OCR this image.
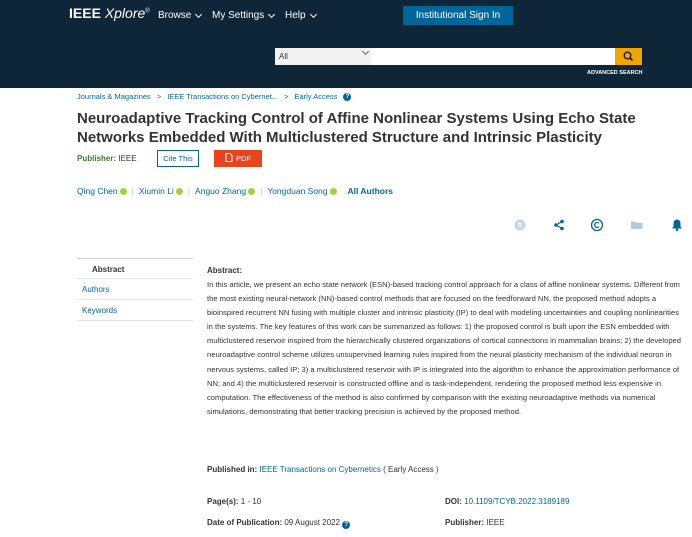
IEEE Xplore® Browse My Settings Help	Institutional Sign In
All
ADVANCED SEARCH
Journals & Magazines > IEEE Transactions on Cybernet... > Early Access	?
Neuroadaptive Tracking Control of Affine Nonlinear Systems Using Echo State Networks Embedded With Multiclustered Structure and Intrinsic Plasticity
Publisher: IEEE	Cite This	PDF
Qing Chen	| Xiumin Li	| Anguo Zhang	| Yongduan Song	All Authors
R
Abstract
Authors
Keywords
Abstract:
In this article, we present an echo state network (ESN)-based tracking control approach for a class of affine nonlinear systems. Different from the most existing neural-network (NN)-based control methods that are focused on the feedforward NN, the proposed method adopts a bioinspired recurrent NN fusing with multiple cluster and intrinsic plasticity (IP) to deal with modeling uncertainties and coupling nonlinearities in the systems. The key features of this work can be summarized as follows: 1) the proposed control is built upon the ESN embedded with multiclustered reservoir inspired from the hierarchically clustered organizations of cortical connections in mammalian brains; 2) the developed neuroadaptive control scheme utilizes unsupervised learning rules inspired from the neural plasticity mechanism of the individual neuron in nervous systems, called IP; 3) a multiclustered reservoir with IP is integrated into the algorithm to enhance the approximation performance of NN; and 4) the multiclustered reservoir is constructed offline and is task-independent, rendering the proposed method less expensive in computation. The effectiveness of the method is also confirmed by comparison with the existing neuroadaptive methods via numerical simulations, demonstrating that better tracking precision is achieved by the proposed method.
Published in: IEEE Transactions on Cybernetics ( Early Access )
Page(s): 1 - 10	DOI: 10.1109/TCYB.2022.3189189
Date of Publication: 09 August 2022 ?	Publisher: IEEE
